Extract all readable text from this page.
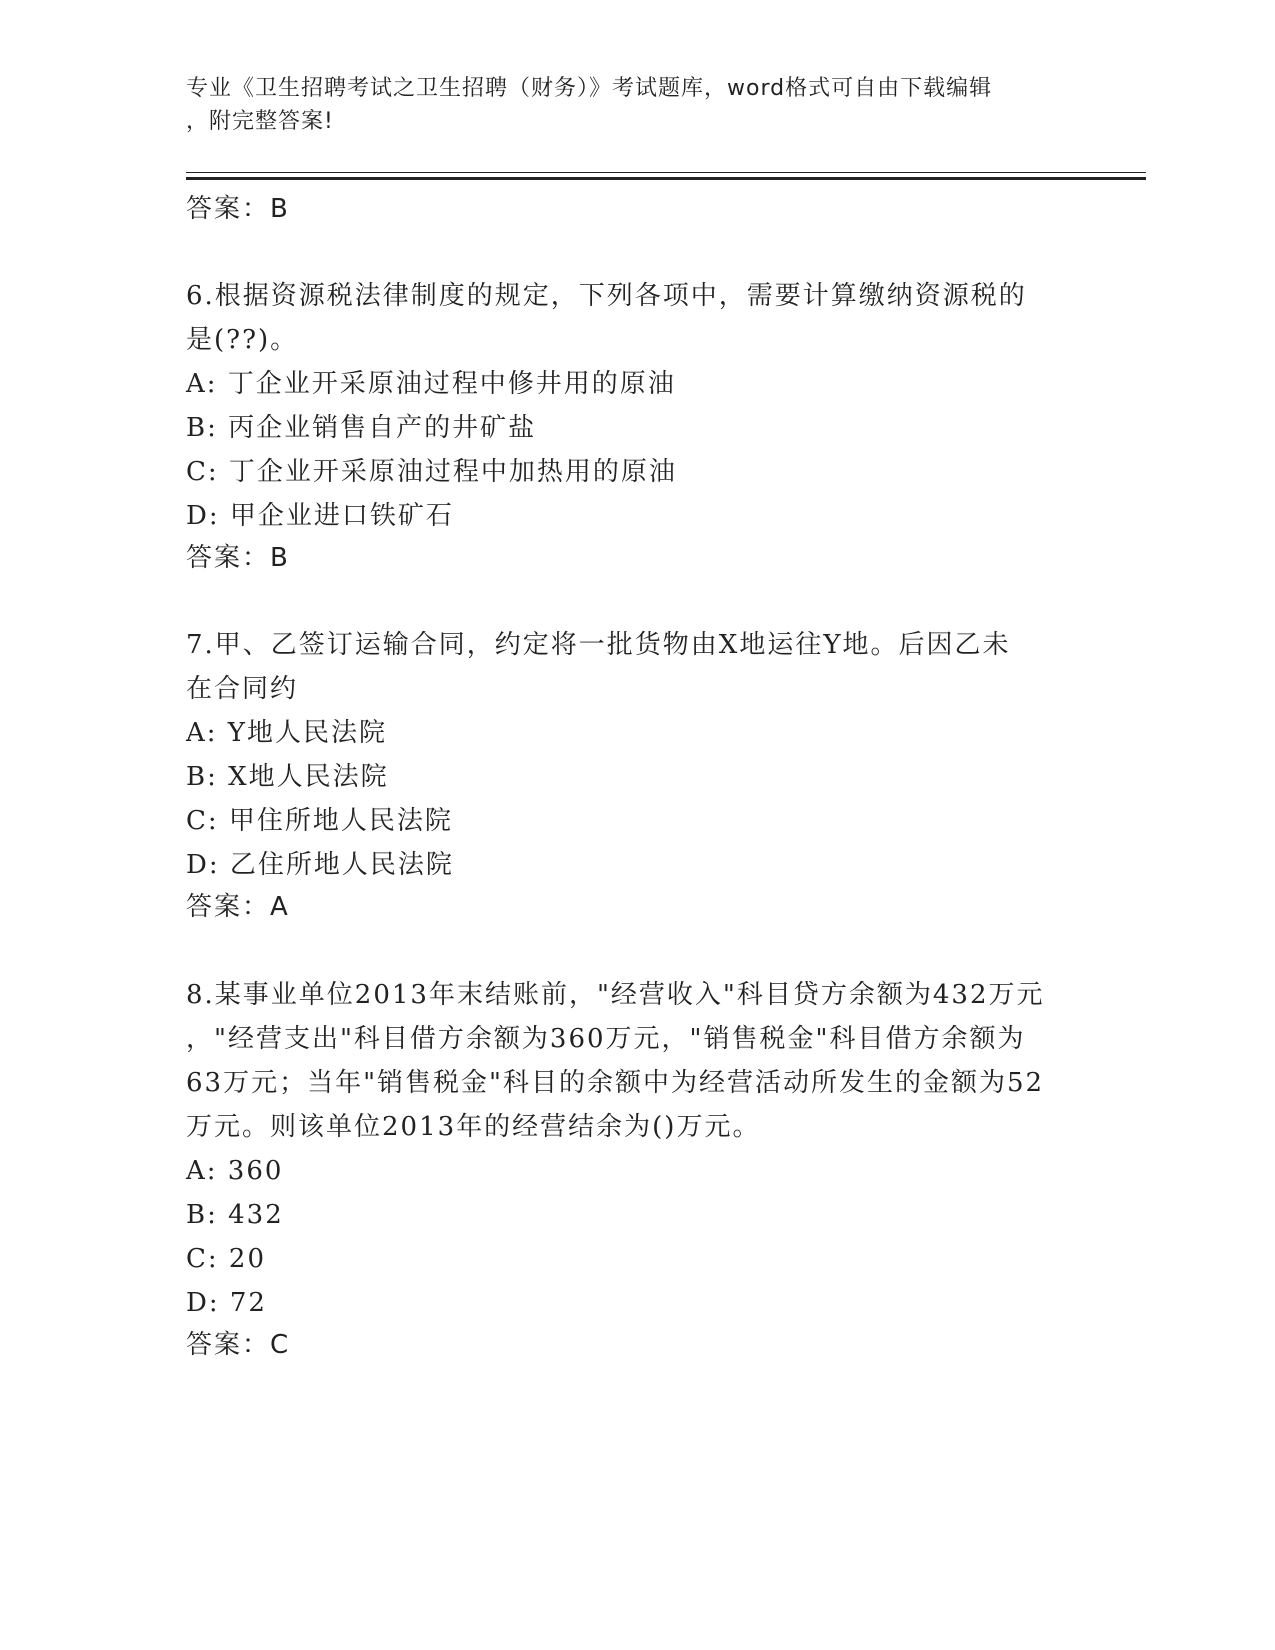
专业《卫生招聘考试之卫生招聘（财务）》考试题库，word格式可自由下载编辑
，附完整答案!
答案：B
6.根据资源税法律制度的规定，下列各项中，需要计算缴纳资源税的
是(??)。
A: 丁企业开采原油过程中修井用的原油
B: 丙企业销售自产的井矿盐
C: 丁企业开采原油过程中加热用的原油
D: 甲企业进口铁矿石
答案：B
7.甲、乙签订运输合同，约定将一批货物由X地运往Y地。后因乙未
在合同约
A: Y地人民法院
B: X地人民法院
C: 甲住所地人民法院
D: 乙住所地人民法院
答案：A
8.某事业单位2013年末结账前，"经营收入"科目贷方余额为432万元
，"经营支出"科目借方余额为360万元，"销售税金"科目借方余额为
63万元；当年"销售税金"科目的余额中为经营活动所发生的金额为52
万元。则该单位2013年的经营结余为()万元。
A: 360
B: 432
C: 20
D: 72
答案：C
